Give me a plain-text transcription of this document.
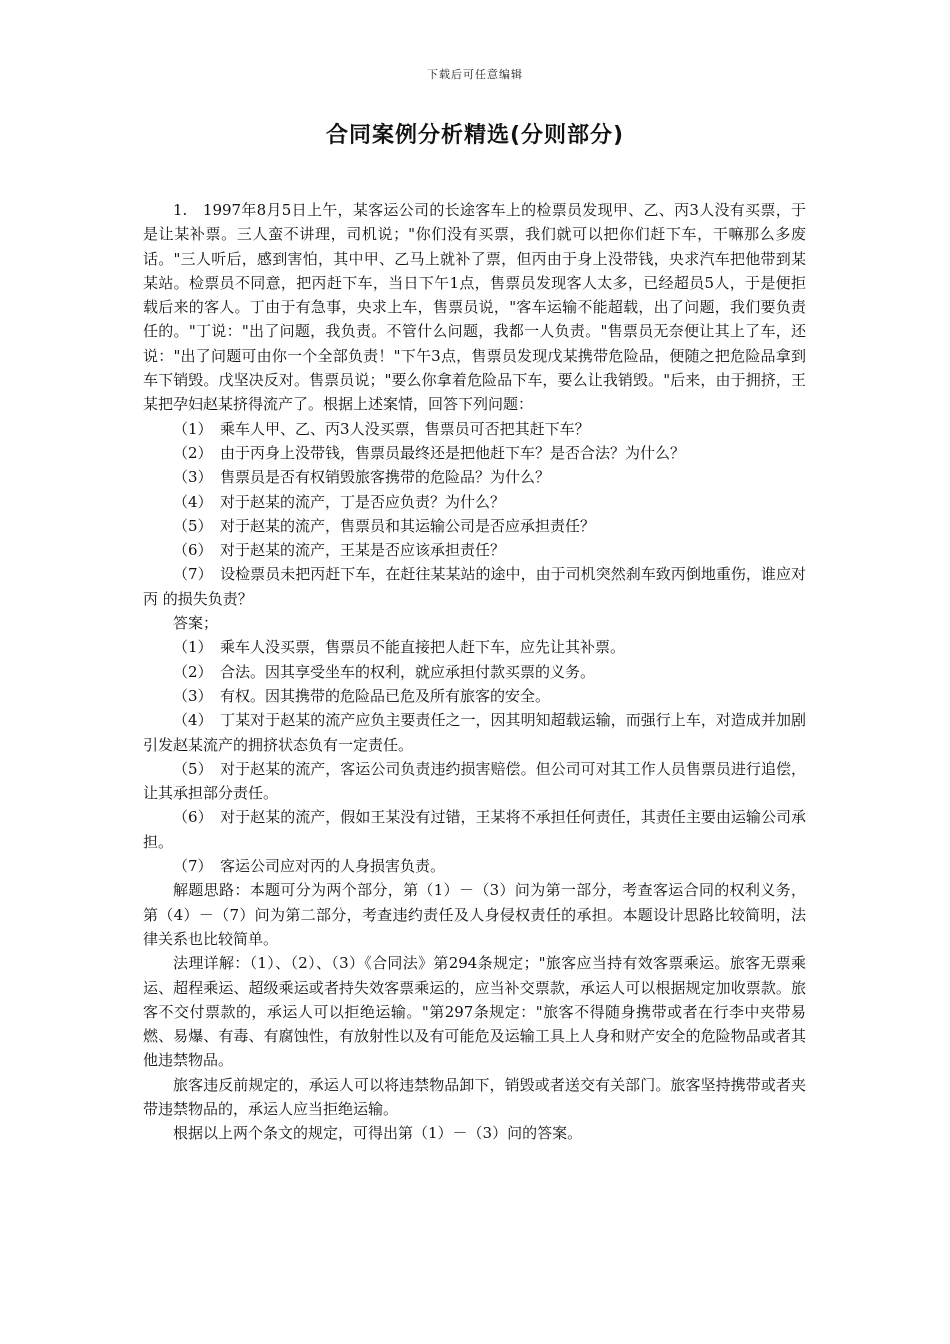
下载后可任意编辑
合同案例分析精选(分则部分)

1.　1997年8月5日上午，某客运公司的长途客车上的检票员发现甲、乙、丙3人没有买票，于是让某补票。三人蛮不讲理，司机说；"你们没有买票，我们就可以把你们赶下车，干嘛那么多废话。"三人听后，感到害怕，其中甲、乙马上就补了票，但丙由于身上没带钱，央求汽车把他带到某某站。检票员不同意，把丙赶下车，当日下午1点，售票员发现客人太多，已经超员5人，于是便拒载后来的客人。丁由于有急事，央求上车，售票员说，"客车运输不能超载，出了问题，我们要负责任的。"丁说："出了问题，我负责。不管什么问题，我都一人负责。"售票员无奈便让其上了车，还说："出了问题可由你一个全部负责！"下午3点，售票员发现戊某携带危险品，便随之把危险品拿到车下销毁。戊坚决反对。售票员说；"要么你拿着危险品下车，要么让我销毁。"后来，由于拥挤，王某把孕妇赵某挤得流产了。根据上述案情，回答下列问题：

（1）　乘车人甲、乙、丙3人没买票，售票员可否把其赶下车？

（2）　由于丙身上没带钱，售票员最终还是把他赶下车？是否合法？为什么？

（3）　售票员是否有权销毁旅客携带的危险品？为什么？

（4）　对于赵某的流产，丁是否应负责？为什么？

（5）　对于赵某的流产，售票员和其运输公司是否应承担责任？

（6）　对于赵某的流产，王某是否应该承担责任？

（7）　设检票员未把丙赶下车，在赶往某某站的途中，由于司机突然刹车致丙倒地重伤，谁应对丙 的损失负责？

答案；

（1）　乘车人没买票，售票员不能直接把人赶下车，应先让其补票。

（2）　合法。因其享受坐车的权利，就应承担付款买票的义务。

（3）　有权。因其携带的危险品已危及所有旅客的安全。

（4）　丁某对于赵某的流产应负主要责任之一，因其明知超载运输，而强行上车，对造成并加剧引发赵某流产的拥挤状态负有一定责任。

（5）　对于赵某的流产，客运公司负责违约损害赔偿。但公司可对其工作人员售票员进行追偿，让其承担部分责任。

（6）　对于赵某的流产，假如王某没有过错，王某将不承担任何责任，其责任主要由运输公司承担。

（7）　客运公司应对丙的人身损害负责。

解题思路：本题可分为两个部分，第（1）－（3）问为第一部分，考查客运合同的权利义务，第（4）－（7）问为第二部分，考查违约责任及人身侵权责任的承担。本题设计思路比较简明，法律关系也比较简单。

法理详解：（1）、（2）、（3）《合同法》第294条规定；"旅客应当持有效客票乘运。旅客无票乘运、超程乘运、超级乘运或者持失效客票乘运的，应当补交票款，承运人可以根据规定加收票款。旅客不交付票款的，承运人可以拒绝运输。"第297条规定："旅客不得随身携带或者在行李中夹带易燃、易爆、有毒、有腐蚀性，有放射性以及有可能危及运输工具上人身和财产安全的危险物品或者其他违禁物品。

旅客违反前规定的，承运人可以将违禁物品卸下，销毁或者送交有关部门。旅客坚持携带或者夹带违禁物品的，承运人应当拒绝运输。

根据以上两个条文的规定，可得出第（1）－（3）问的答案。
